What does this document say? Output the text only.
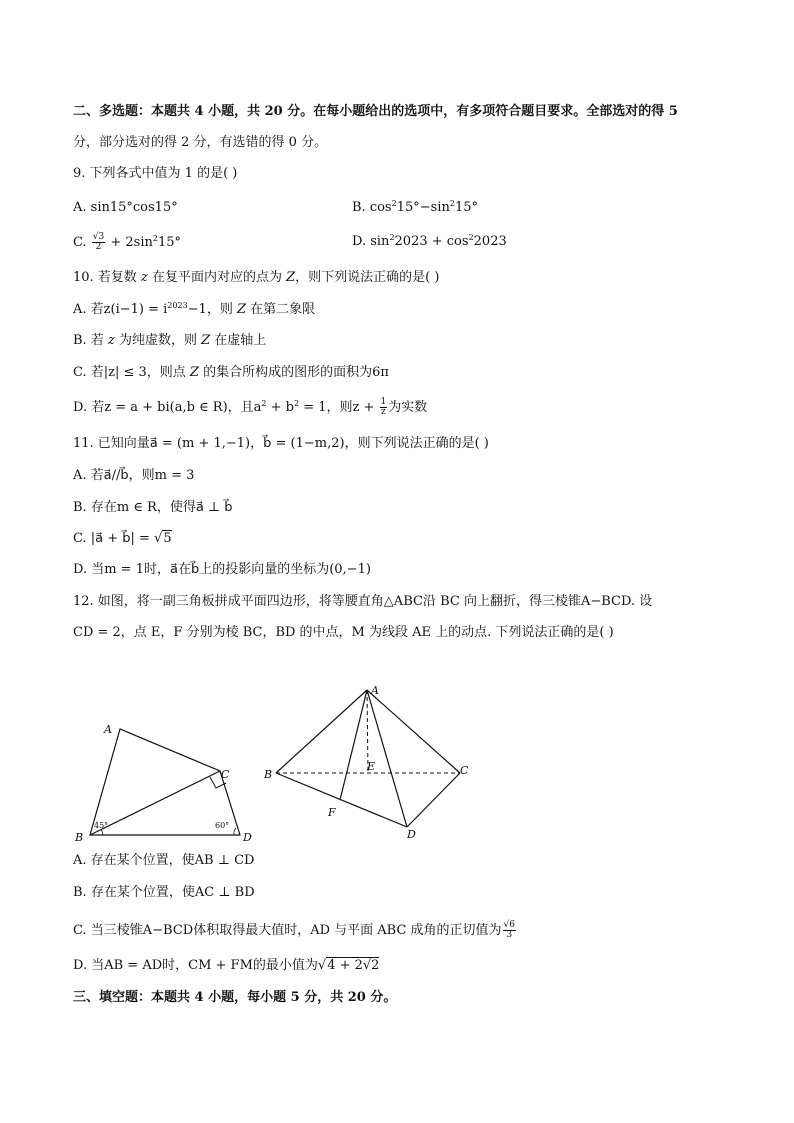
二、多选题：本题共 4 小题，共 20 分。在每小题给出的选项中，有多项符合题目要求。全部选对的得 5
分，部分选对的得 2 分，有选错的得 0 分。
9. 下列各式中值为 1 的是( )
A. sin15°cos15°	B. $\cos^215^\circ-\sin^215^\circ$
C. $\frac{√3}{2} + 2\sin^215^\circ$	D. $\sin^22023 + \cos^22023$
10. 若复数 z 在复平面内对应的点为 Z，则下列说法正确的是( )
A. 若$z(i-1) = i^{2023}-1$，则 Z 在第二象限
B. 若 z 为纯虚数，则 Z 在虚轴上
C. 若|z| ≤ 3，则点 Z 的集合所构成的图形的面积为6π
D. 若z = a + bi(a,b ∈ R)，且$a^2 + b^2 = 1$，则$z + \frac{1}{z}$ 为实数
11. 已知向量a⃗ = (m + 1,−1)，b⃗ = (1−m,2)，则下列说法正确的是( )
A. 若a⃗//b⃗，则m = 3
B. 存在m ∈ R，使得a⃗ ⊥ b⃗
C. |a⃗ + b⃗| = √5
D. 当m = 1时，a⃗在b⃗上的投影向量的坐标为(0,−1)
12. 如图，将一副三角板拼成平面四边形，将等腰直角△ABC沿 BC 向上翻折，得三棱锥A−BCD. 设
CD = 2，点 E，F 分别为棱 BC，BD 的中点，M 为线段 AE 上的动点. 下列说法正确的是( )
A
B
C
D
45°	60°
A
B	C
D
E
F
A. 存在某个位置，使AB ⊥ CD
B. 存在某个位置，使AC ⊥ BD
C. 当三棱锥A−BCD体积取得最大值时，AD 与平面 ABC 成角的正切值为 $\frac{√6}{3}$
D. 当AB = AD时，CM + FM的最小值为√4 + 2√2
三、填空题：本题共 4 小题，每小题 5 分，共 20 分。
